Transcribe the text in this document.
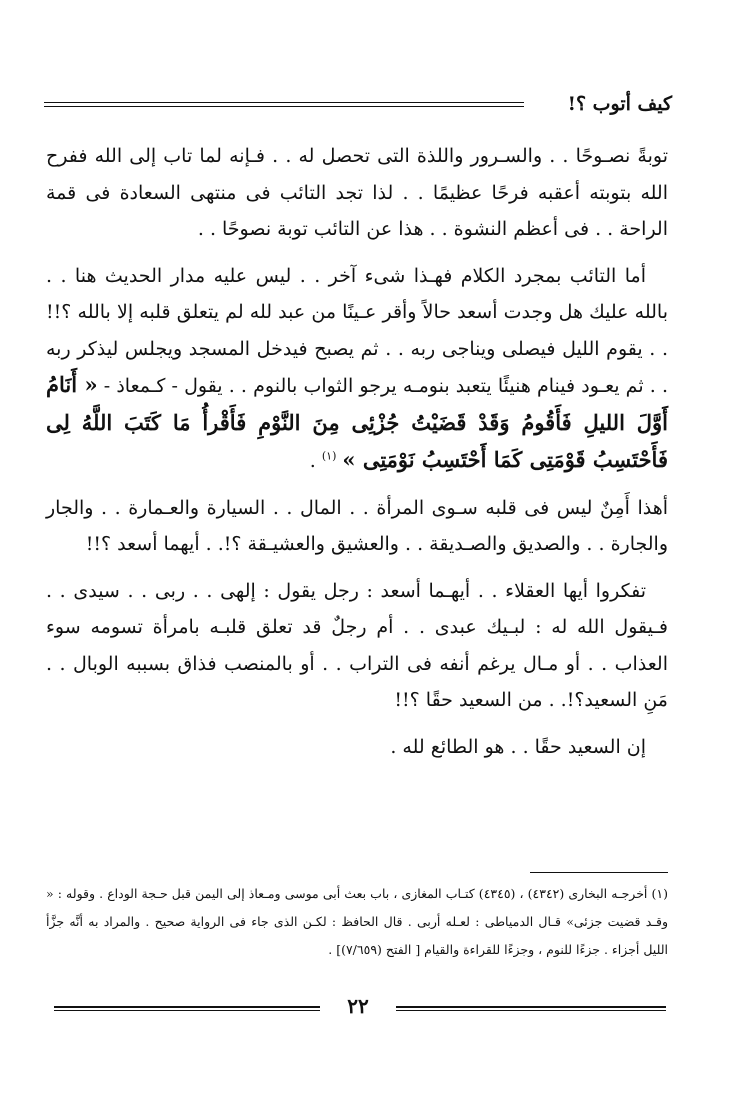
كيف أتوب ؟!

توبةً نصـوحًا . . والسـرور واللذة التى تحصل له . . فـإنه لما تاب إلى الله ففرح الله بتوبته أعقبه فرحًا عظيمًا . . لذا تجد التائب فى منتهى السعادة فى قمة الراحة . . فى أعظم النشوة . . هذا عن التائب توبة نصوحًا . .

أما التائب بمجرد الكلام فهـذا شىء آخر . . ليس عليه مدار الحديث هنا . . بالله عليك هل وجدت أسعد حالاً وأقر عـينًا من عبد لله لم يتعلق قلبه إلا بالله ؟!! . . يقوم الليل فيصلى ويناجى ربه . . ثم يصبح فيدخل المسجد ويجلس ليذكر ربه . . ثم يعـود فينام هنيئًا يتعبد بنومـه يرجو الثواب بالنوم . . يقول - كـمعاذ - « أَنَامُ أَوَّلَ الليلِ فَأَقُومُ وَقَدْ قَضَيْتُ جُزْئِى مِنَ النَّوْمِ فَأَقْرأُ مَا كَتَبَ اللَّهُ لِى فَأَحْتَسِبُ قَوْمَتِى كَمَا أَحْتَسِبُ نَوْمَتِى » $^{(١)}$ .

أهذا أَمِنٌ ليس فى قلبه سـوى المرأة . . المال . . السيارة والعـمارة . . والجار والجارة . . والصديق والصـديقة . . والعشيق والعشيـقة ؟!. . أيهما أسعد ؟!!

تفكروا أيها العقلاء . . أيهـما أسعد : رجل يقول : إلهى . . ربى . . سيدى . . فـيقول الله له : لبـيك عبدى . . أم رجلٌ قد تعلق قلبـه بامرأة تسومه سوء العذاب . . أو مـال يرغم أنفه فى التراب . . أو بالمنصب فذاق بسببه الوبال . . مَنِ السعيد؟!. . من السعيد حقًا ؟!!

إن السعيد حقًا . . هو الطائع لله .

(١) أخرجـه البخارى (٤٣٤٢) ، (٤٣٤٥) كتـاب المغازى ، باب بعث أبى موسى ومـعاذ إلى اليمن قبل حـجة الوداع . وقوله : « وقـد قضيت جزئى» قـال الدمياطى : لعـله أربى . قال الحافظ : لكـن الذى جاء فى الرواية صحيح . والمراد به أنَّه جزَّأ الليل أجزاء . جزءًا للنوم ، وجزءًا للقراءة والقيام [ الفتح (٧/٦٥٩)] .

٢٢
